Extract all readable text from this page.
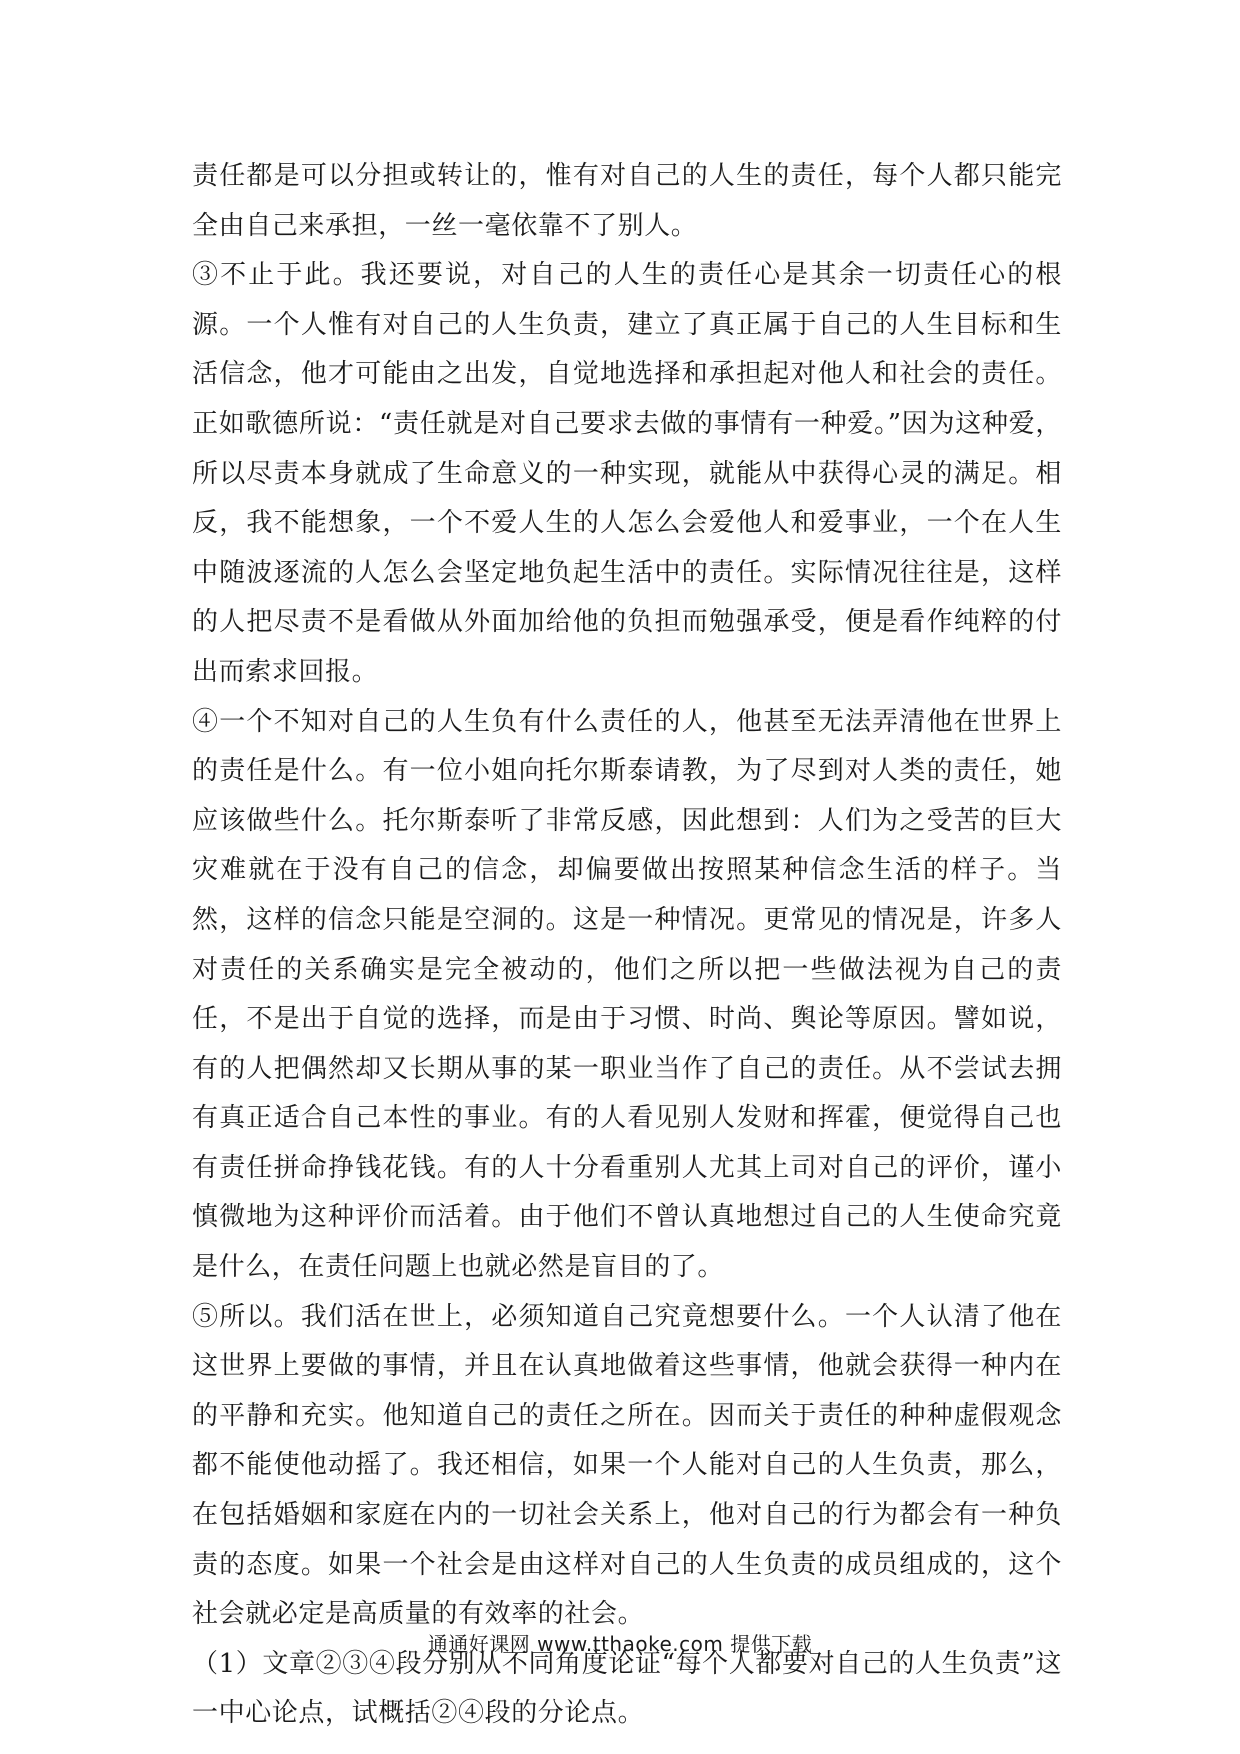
责任都是可以分担或转让的，惟有对自己的人生的责任，每个人都只能完全由自己来承担，一丝一毫依靠不了别人。

③不止于此。我还要说，对自己的人生的责任心是其余一切责任心的根源。一个人惟有对自己的人生负责，建立了真正属于自己的人生目标和生活信念，他才可能由之出发，自觉地选择和承担起对他人和社会的责任。正如歌德所说：“责任就是对自己要求去做的事情有一种爱。”因为这种爱，所以尽责本身就成了生命意义的一种实现，就能从中获得心灵的满足。相反，我不能想象，一个不爱人生的人怎么会爱他人和爱事业，一个在人生中随波逐流的人怎么会坚定地负起生活中的责任。实际情况往往是，这样的人把尽责不是看做从外面加给他的负担而勉强承受，便是看作纯粹的付出而索求回报。

④一个不知对自己的人生负有什么责任的人，他甚至无法弄清他在世界上的责任是什么。有一位小姐向托尔斯泰请教，为了尽到对人类的责任，她应该做些什么。托尔斯泰听了非常反感，因此想到：人们为之受苦的巨大灾难就在于没有自己的信念，却偏要做出按照某种信念生活的样子。当然，这样的信念只能是空洞的。这是一种情况。更常见的情况是，许多人对责任的关系确实是完全被动的，他们之所以把一些做法视为自己的责任，不是出于自觉的选择，而是由于习惯、时尚、舆论等原因。譬如说，有的人把偶然却又长期从事的某一职业当作了自己的责任。从不尝试去拥有真正适合自己本性的事业。有的人看见别人发财和挥霍，便觉得自己也有责任拼命挣钱花钱。有的人十分看重别人尤其上司对自己的评价，谨小慎微地为这种评价而活着。由于他们不曾认真地想过自己的人生使命究竟是什么，在责任问题上也就必然是盲目的了。

⑤所以。我们活在世上，必须知道自己究竟想要什么。一个人认清了他在这世界上要做的事情，并且在认真地做着这些事情，他就会获得一种内在的平静和充实。他知道自己的责任之所在。因而关于责任的种种虚假观念都不能使他动摇了。我还相信，如果一个人能对自己的人生负责，那么，在包括婚姻和家庭在内的一切社会关系上，他对自己的行为都会有一种负责的态度。如果一个社会是由这样对自己的人生负责的成员组成的，这个社会就必定是高质量的有效率的社会。

（1）文章②③④段分别从不同角度论证“每个人都要对自己的人生负责”这一中心论点，试概括②④段的分论点。

通通好课网 www.tthaoke.com 提供下载
